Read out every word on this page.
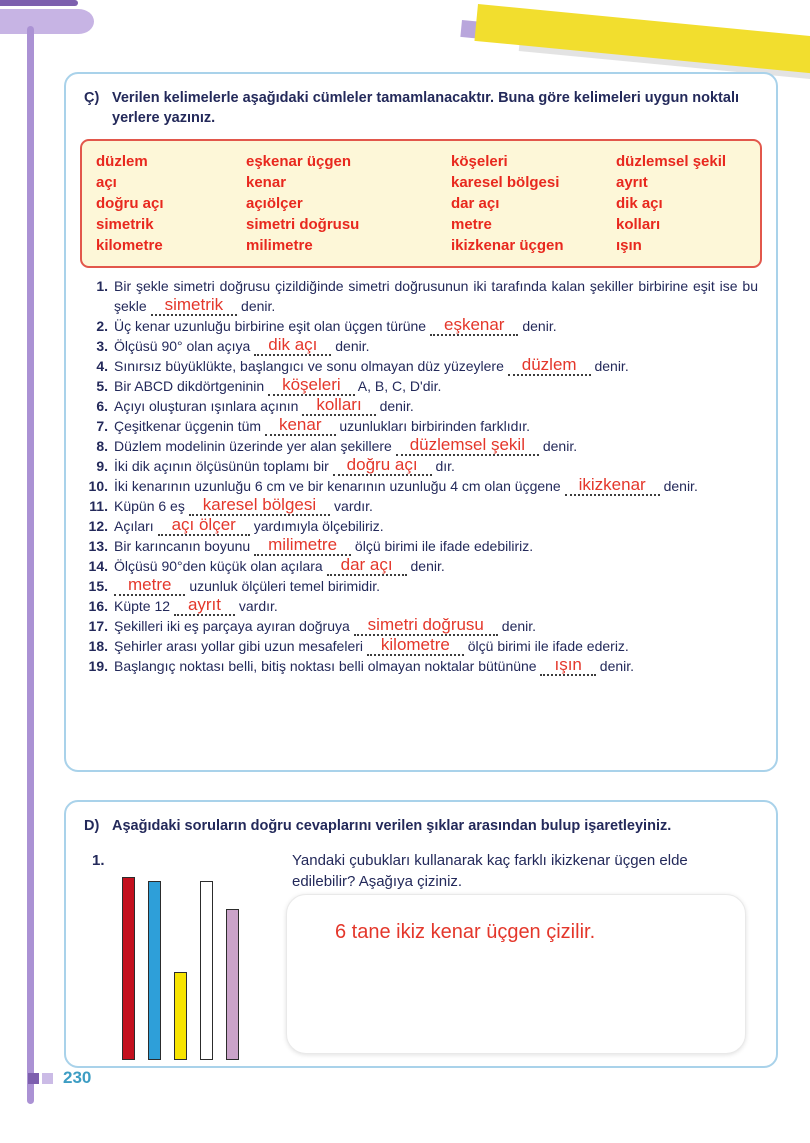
Ç) Verilen kelimelerle aşağıdaki cümleler tamamlanacaktır. Buna göre kelimeleri uygun noktalı yerlere yazınız.
düzlem
açı
doğru açı
simetrik
kilometre
eşkenar üçgen
kenar
açıölçer
simetri doğrusu
milimetre
köşeleri
karesel bölgesi
dar açı
metre
ikizkenar üçgen
düzlemsel şekil
ayrıt
dik açı
kolları
ışın
1. Bir şekle simetri doğrusu çizildiğinde simetri doğrusunun iki tarafında kalan şekiller birbirine eşit ise bu şekle simetrik denir.
2. Üç kenar uzunluğu birbirine eşit olan üçgen türüne eşkenar denir.
3. Ölçüsü 90° olan açıya dik açı denir.
4. Sınırsız büyüklükte, başlangıcı ve sonu olmayan düz yüzeylere düzlem denir.
5. Bir ABCD dikdörtgeninin köşeleri A, B, C, D'dir.
6. Açıyı oluşturan ışınlara açının kolları denir.
7. Çeşitkenar üçgenin tüm kenar uzunlukları birbirinden farklıdır.
8. Düzlem modelinin üzerinde yer alan şekillere düzlemsel şekil denir.
9. İki dik açının ölçüsünün toplamı bir doğru açı dır.
10. İki kenarının uzunluğu 6 cm ve bir kenarının uzunluğu 4 cm olan üçgene ikizkenar denir.
11. Küpün 6 eş karesel bölgesi vardır.
12. Açıları açı ölçer yardımıyla ölçebiliriz.
13. Bir karıncanın boyunu milimetre ölçü birimi ile ifade edebiliriz.
14. Ölçüsü 90°den küçük olan açılara dar açı denir.
15.	metre uzunluk ölçüleri temel birimidir.
16. Küpte 12 ayrıt vardır.
17. Şekilleri iki eş parçaya ayıran doğruya simetri doğrusu denir.
18. Şehirler arası yollar gibi uzun mesafeleri kilometre ölçü birimi ile ifade ederiz.
19. Başlangıç noktası belli, bitiş noktası belli olmayan noktalar bütününe ışın denir.
D) Aşağıdaki soruların doğru cevaplarını verilen şıklar arasından bulup işaretleyiniz.
1.	Yandaki çubukları kullanarak kaç farklı ikizkenar üçgen elde edilebilir? Aşağıya çiziniz.
6 tane ikiz kenar üçgen çizilir.
230
